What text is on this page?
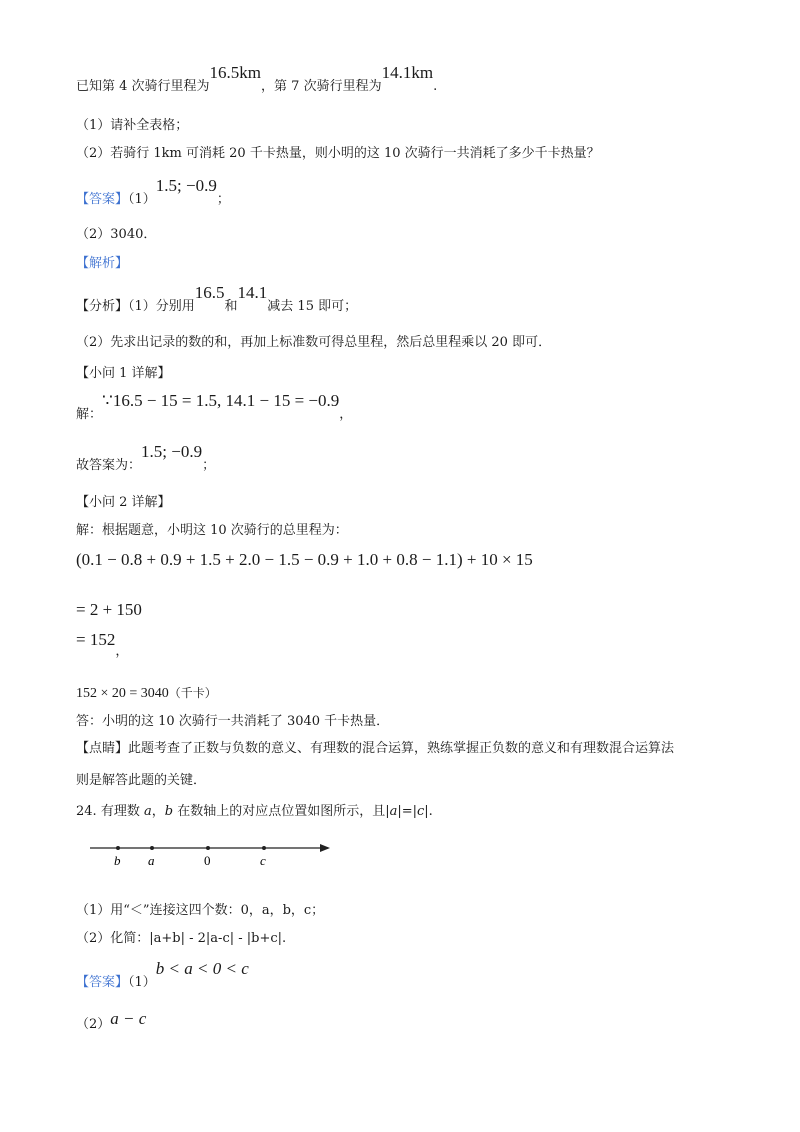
已知第 4 次骑行里程为16.5km，第 7 次骑行里程为14.1km.
（1）请补全表格；
（2）若骑行 1km 可消耗 20 千卡热量，则小明的这 10 次骑行一共消耗了多少千卡热量？
【答案】（1）1.5; −0.9；
（2）3040．
【解析】
【分析】（1）分别用16.5和14.1减去 15 即可；
（2）先求出记录的数的和，再加上标准数可得总里程，然后总里程乘以 20 即可．
【小问 1 详解】
解：∵16.5 − 15 = 1.5, 14.1 − 15 = −0.9，
故答案为：1.5; −0.9；
【小问 2 详解】
解：根据题意，小明这 10 次骑行的总里程为：
(0.1 − 0.8 + 0.9 + 1.5 + 2.0 − 1.5 − 0.9 + 1.0 + 0.8 − 1.1) + 10 × 15
= 2 + 150
= 152，
152 × 20 = 3040（千卡）
答：小明的这 10 次骑行一共消耗了 3040 千卡热量．
【点睛】此题考查了正数与负数的意义、有理数的混合运算，熟练掌握正负数的意义和有理数混合运算法
则是解答此题的关键．
24. 有理数 a，b 在数轴上的对应点位置如图所示，且|a|=|c|.
b a	0	c
（1）用“＜”连接这四个数：0，a，b，c；
（2）化简：|a+b| - 2|a-c| - |b+c|.
【答案】（1）b < a < 0 < c
（2）a − c
